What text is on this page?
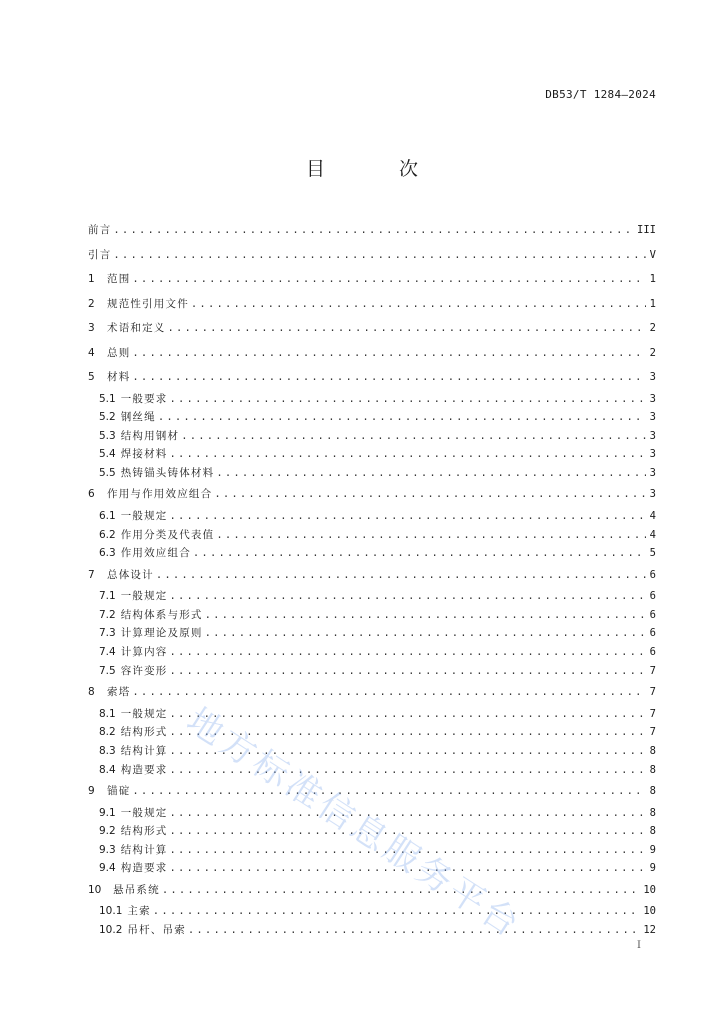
DB53/T 1284—2024
目 次
前言 .....	III
引言 .....	V
1	范围 .....	1
2	规范性引用文件 .....	1
3	术语和定义 .....	2
4	总则 .....	2
5	材料 .....	3
5.1 一般要求 .....	3
5.2 钢丝绳 .....	3
5.3 结构用钢材 .....	3
5.4 焊接材料 .....	3
5.5 热铸锚头铸体材料 .....	3
6	作用与作用效应组合 .....	3
6.1 一般规定 .....	4
6.2 作用分类及代表值 .....	4
6.3 作用效应组合 .....	5
7	总体设计 .....	6
7.1 一般规定 .....	6
7.2 结构体系与形式 .....	6
7.3 计算理论及原则 .....	6
7.4 计算内容 .....	6
7.5 容许变形 .....	7
8	索塔 .....	7
8.1 一般规定 .....	7
8.2 结构形式 .....	7
8.3 结构计算 .....	8
8.4 构造要求 .....	8
9	锚碇 .....	8
9.1 一般规定 .....	8
9.2 结构形式 .....	8
9.3 结构计算 .....	9
9.4 构造要求 .....	9
10	悬吊系统 .....	10
10.1 主索 .....	10
10.2 吊杆、吊索 .....	12
I
地方标准信息服务平台
